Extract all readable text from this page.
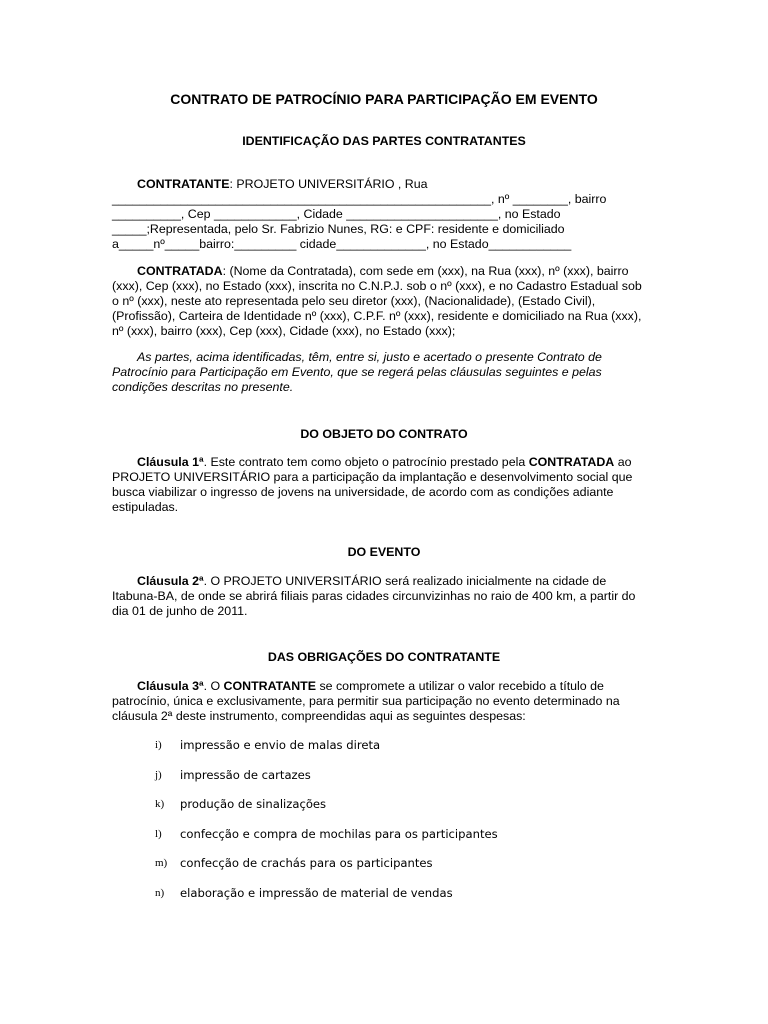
CONTRATO DE PATROCÍNIO PARA PARTICIPAÇÃO EM EVENTO
IDENTIFICAÇÃO DAS PARTES CONTRATANTES
CONTRATANTE: PROJETO UNIVERSITÁRIO , Rua
_______________________________________________________, nº ________, bairro
__________, Cep ____________, Cidade ______________________, no Estado
_____;Representada, pelo Sr. Fabrizio Nunes, RG: e CPF: residente e domiciliado
a_____nº_____bairro:_________ cidade_____________, no Estado____________
CONTRATADA: (Nome da Contratada), com sede em (xxx), na Rua (xxx), nº (xxx), bairro
(xxx), Cep (xxx), no Estado (xxx), inscrita no C.N.P.J. sob o nº (xxx), e no Cadastro Estadual sob
o nº (xxx), neste ato representada pelo seu diretor (xxx), (Nacionalidade), (Estado Civil),
(Profissão), Carteira de Identidade nº (xxx), C.P.F. nº (xxx), residente e domiciliado na Rua (xxx),
nº (xxx), bairro (xxx), Cep (xxx), Cidade (xxx), no Estado (xxx);
As partes, acima identificadas, têm, entre si, justo e acertado o presente Contrato de
Patrocínio para Participação em Evento, que se regerá pelas cláusulas seguintes e pelas
condições descritas no presente.
DO OBJETO DO CONTRATO
Cláusula 1ª. Este contrato tem como objeto o patrocínio prestado pela CONTRATADA ao
PROJETO UNIVERSITÁRIO para a participação da implantação e desenvolvimento social que
busca viabilizar o ingresso de jovens na universidade, de acordo com as condições adiante
estipuladas.
DO EVENTO
Cláusula 2ª. O PROJETO UNIVERSITÁRIO será realizado inicialmente na cidade de
Itabuna-BA, de onde se abrirá filiais paras cidades circunvizinhas no raio de 400 km, a partir do
dia 01 de junho de 2011.
DAS OBRIGAÇÕES DO CONTRATANTE
Cláusula 3ª. O CONTRATANTE se compromete a utilizar o valor recebido a título de
patrocínio, única e exclusivamente, para permitir sua participação no evento determinado na
cláusula 2ª deste instrumento, compreendidas aqui as seguintes despesas:
i) impressão e envio de malas direta
j) impressão de cartazes
k) produção de sinalizações
l) confecção e compra de mochilas para os participantes
m) confecção de crachás para os participantes
n) elaboração e impressão de material de vendas
